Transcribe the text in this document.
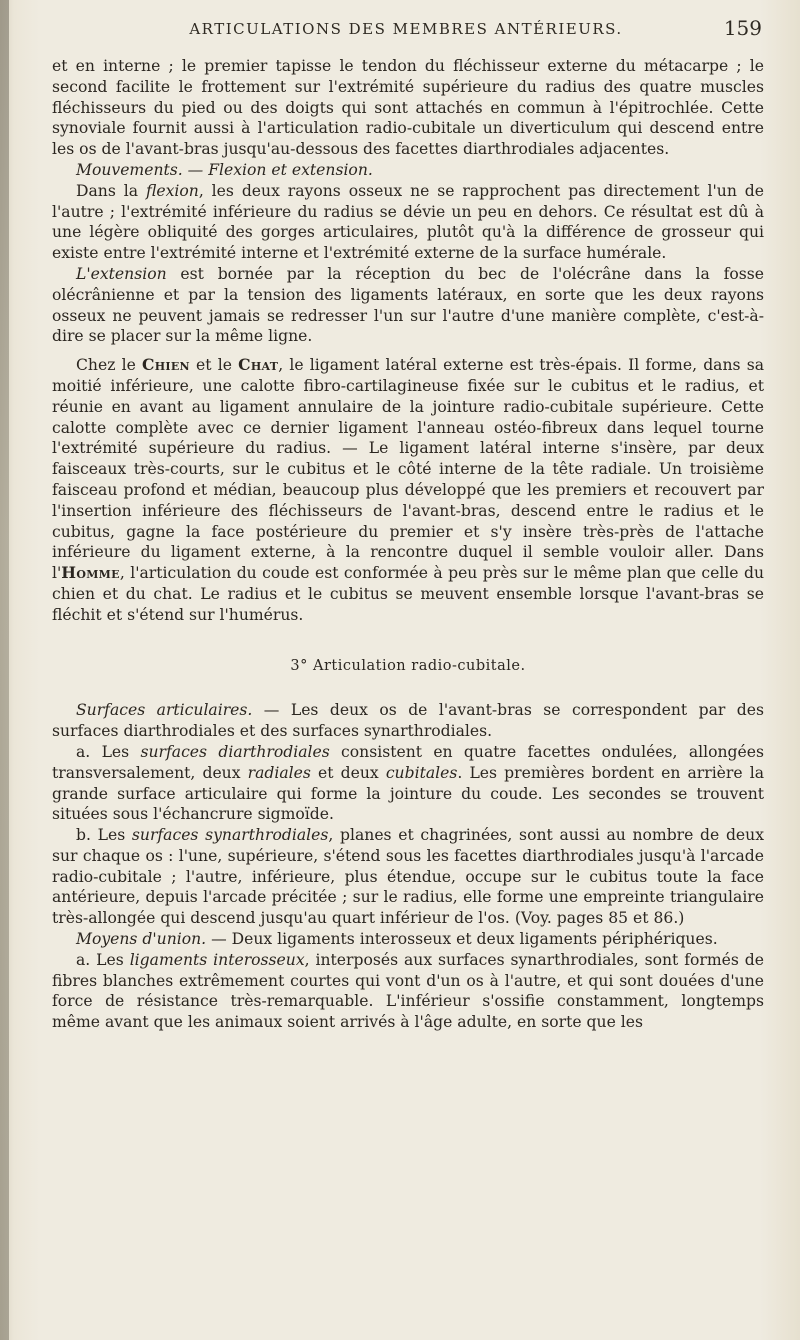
ARTICULATIONS DES MEMBRES ANTÉRIEURS.	159

et en interne ; le premier tapisse le tendon du fléchisseur externe du métacarpe ; le second facilite le frottement sur l'extrémité supérieure du radius des quatre muscles fléchisseurs du pied ou des doigts qui sont attachés en commun à l'épitrochlée. Cette synoviale fournit aussi à l'articulation radio-cubitale un diverticulum qui descend entre les os de l'avant-bras jusqu'au-dessous des facettes diarthrodiales adjacentes.

Mouvements. — Flexion et extension.

Dans la flexion, les deux rayons osseux ne se rapprochent pas directement l'un de l'autre ; l'extrémité inférieure du radius se dévie un peu en dehors. Ce résultat est dû à une légère obliquité des gorges articulaires, plutôt qu'à la différence de grosseur qui existe entre l'extrémité interne et l'extrémité externe de la surface humérale.

L'extension est bornée par la réception du bec de l'olécrâne dans la fosse olécrânienne et par la tension des ligaments latéraux, en sorte que les deux rayons osseux ne peuvent jamais se redresser l'un sur l'autre d'une manière complète, c'est-à-dire se placer sur la même ligne.

Chez le Chien et le Chat, le ligament latéral externe est très-épais. Il forme, dans sa moitié inférieure, une calotte fibro-cartilagineuse fixée sur le cubitus et le radius, et réunie en avant au ligament annulaire de la jointure radio-cubitale supérieure. Cette calotte complète avec ce dernier ligament l'anneau ostéo-fibreux dans lequel tourne l'extrémité supérieure du radius. — Le ligament latéral interne s'insère, par deux faisceaux très-courts, sur le cubitus et le côté interne de la tête radiale. Un troisième faisceau profond et médian, beaucoup plus développé que les premiers et recouvert par l'insertion inférieure des fléchisseurs de l'avant-bras, descend entre le radius et le cubitus, gagne la face postérieure du premier et s'y insère très-près de l'attache inférieure du ligament externe, à la rencontre duquel il semble vouloir aller. Dans l'Homme, l'articulation du coude est conformée à peu près sur le même plan que celle du chien et du chat. Le radius et le cubitus se meuvent ensemble lorsque l'avant-bras se fléchit et s'étend sur l'humérus.

3° Articulation radio-cubitale.

Surfaces articulaires. — Les deux os de l'avant-bras se correspondent par des surfaces diarthrodiales et des surfaces synarthrodiales.

a. Les surfaces diarthrodiales consistent en quatre facettes ondulées, allongées transversalement, deux radiales et deux cubitales. Les premières bordent en arrière la grande surface articulaire qui forme la jointure du coude. Les secondes se trouvent situées sous l'échancrure sigmoïde.

b. Les surfaces synarthrodiales, planes et chagrinées, sont aussi au nombre de deux sur chaque os : l'une, supérieure, s'étend sous les facettes diarthrodiales jusqu'à l'arcade radio-cubitale ; l'autre, inférieure, plus étendue, occupe sur le cubitus toute la face antérieure, depuis l'arcade précitée ; sur le radius, elle forme une empreinte triangulaire très-allongée qui descend jusqu'au quart inférieur de l'os. (Voy. pages 85 et 86.)

Moyens d'union. — Deux ligaments interosseux et deux ligaments périphériques.

a. Les ligaments interosseux, interposés aux surfaces synarthrodiales, sont formés de fibres blanches extrêmement courtes qui vont d'un os à l'autre, et qui sont douées d'une force de résistance très-remarquable. L'inférieur s'ossifie constamment, longtemps même avant que les animaux soient arrivés à l'âge adulte, en sorte que les
